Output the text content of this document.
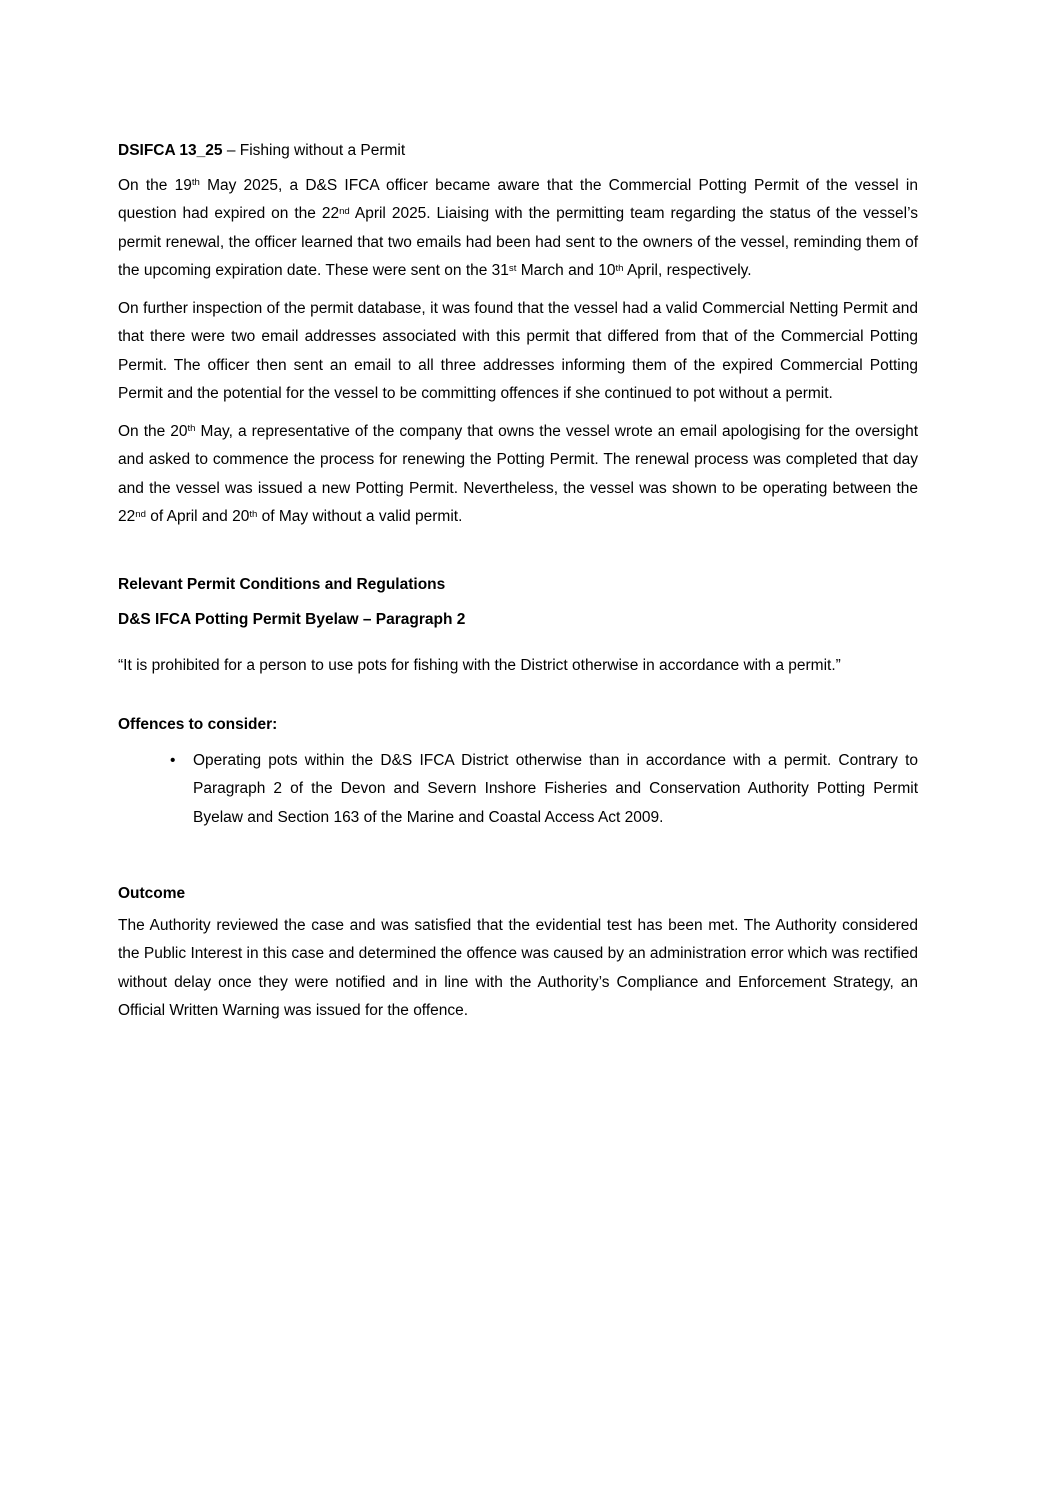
DSIFCA 13_25 – Fishing without a Permit

On the 19th May 2025, a D&S IFCA officer became aware that the Commercial Potting Permit of the vessel in question had expired on the 22nd April 2025. Liaising with the permitting team regarding the status of the vessel’s permit renewal, the officer learned that two emails had been had sent to the owners of the vessel, reminding them of the upcoming expiration date. These were sent on the 31st March and 10th April, respectively.

On further inspection of the permit database, it was found that the vessel had a valid Commercial Netting Permit and that there were two email addresses associated with this permit that differed from that of the Commercial Potting Permit. The officer then sent an email to all three addresses informing them of the expired Commercial Potting Permit and the potential for the vessel to be committing offences if she continued to pot without a permit.

On the 20th May, a representative of the company that owns the vessel wrote an email apologising for the oversight and asked to commence the process for renewing the Potting Permit. The renewal process was completed that day and the vessel was issued a new Potting Permit. Nevertheless, the vessel was shown to be operating between the 22nd of April and 20th of May without a valid permit.

Relevant Permit Conditions and Regulations

D&S IFCA Potting Permit Byelaw – Paragraph 2

“It is prohibited for a person to use pots for fishing with the District otherwise in accordance with a permit.”

Offences to consider:

• Operating pots within the D&S IFCA District otherwise than in accordance with a permit. Contrary to Paragraph 2 of the Devon and Severn Inshore Fisheries and Conservation Authority Potting Permit Byelaw and Section 163 of the Marine and Coastal Access Act 2009.

Outcome

The Authority reviewed the case and was satisfied that the evidential test has been met. The Authority considered the Public Interest in this case and determined the offence was caused by an administration error which was rectified without delay once they were notified and in line with the Authority’s Compliance and Enforcement Strategy, an Official Written Warning was issued for the offence.
